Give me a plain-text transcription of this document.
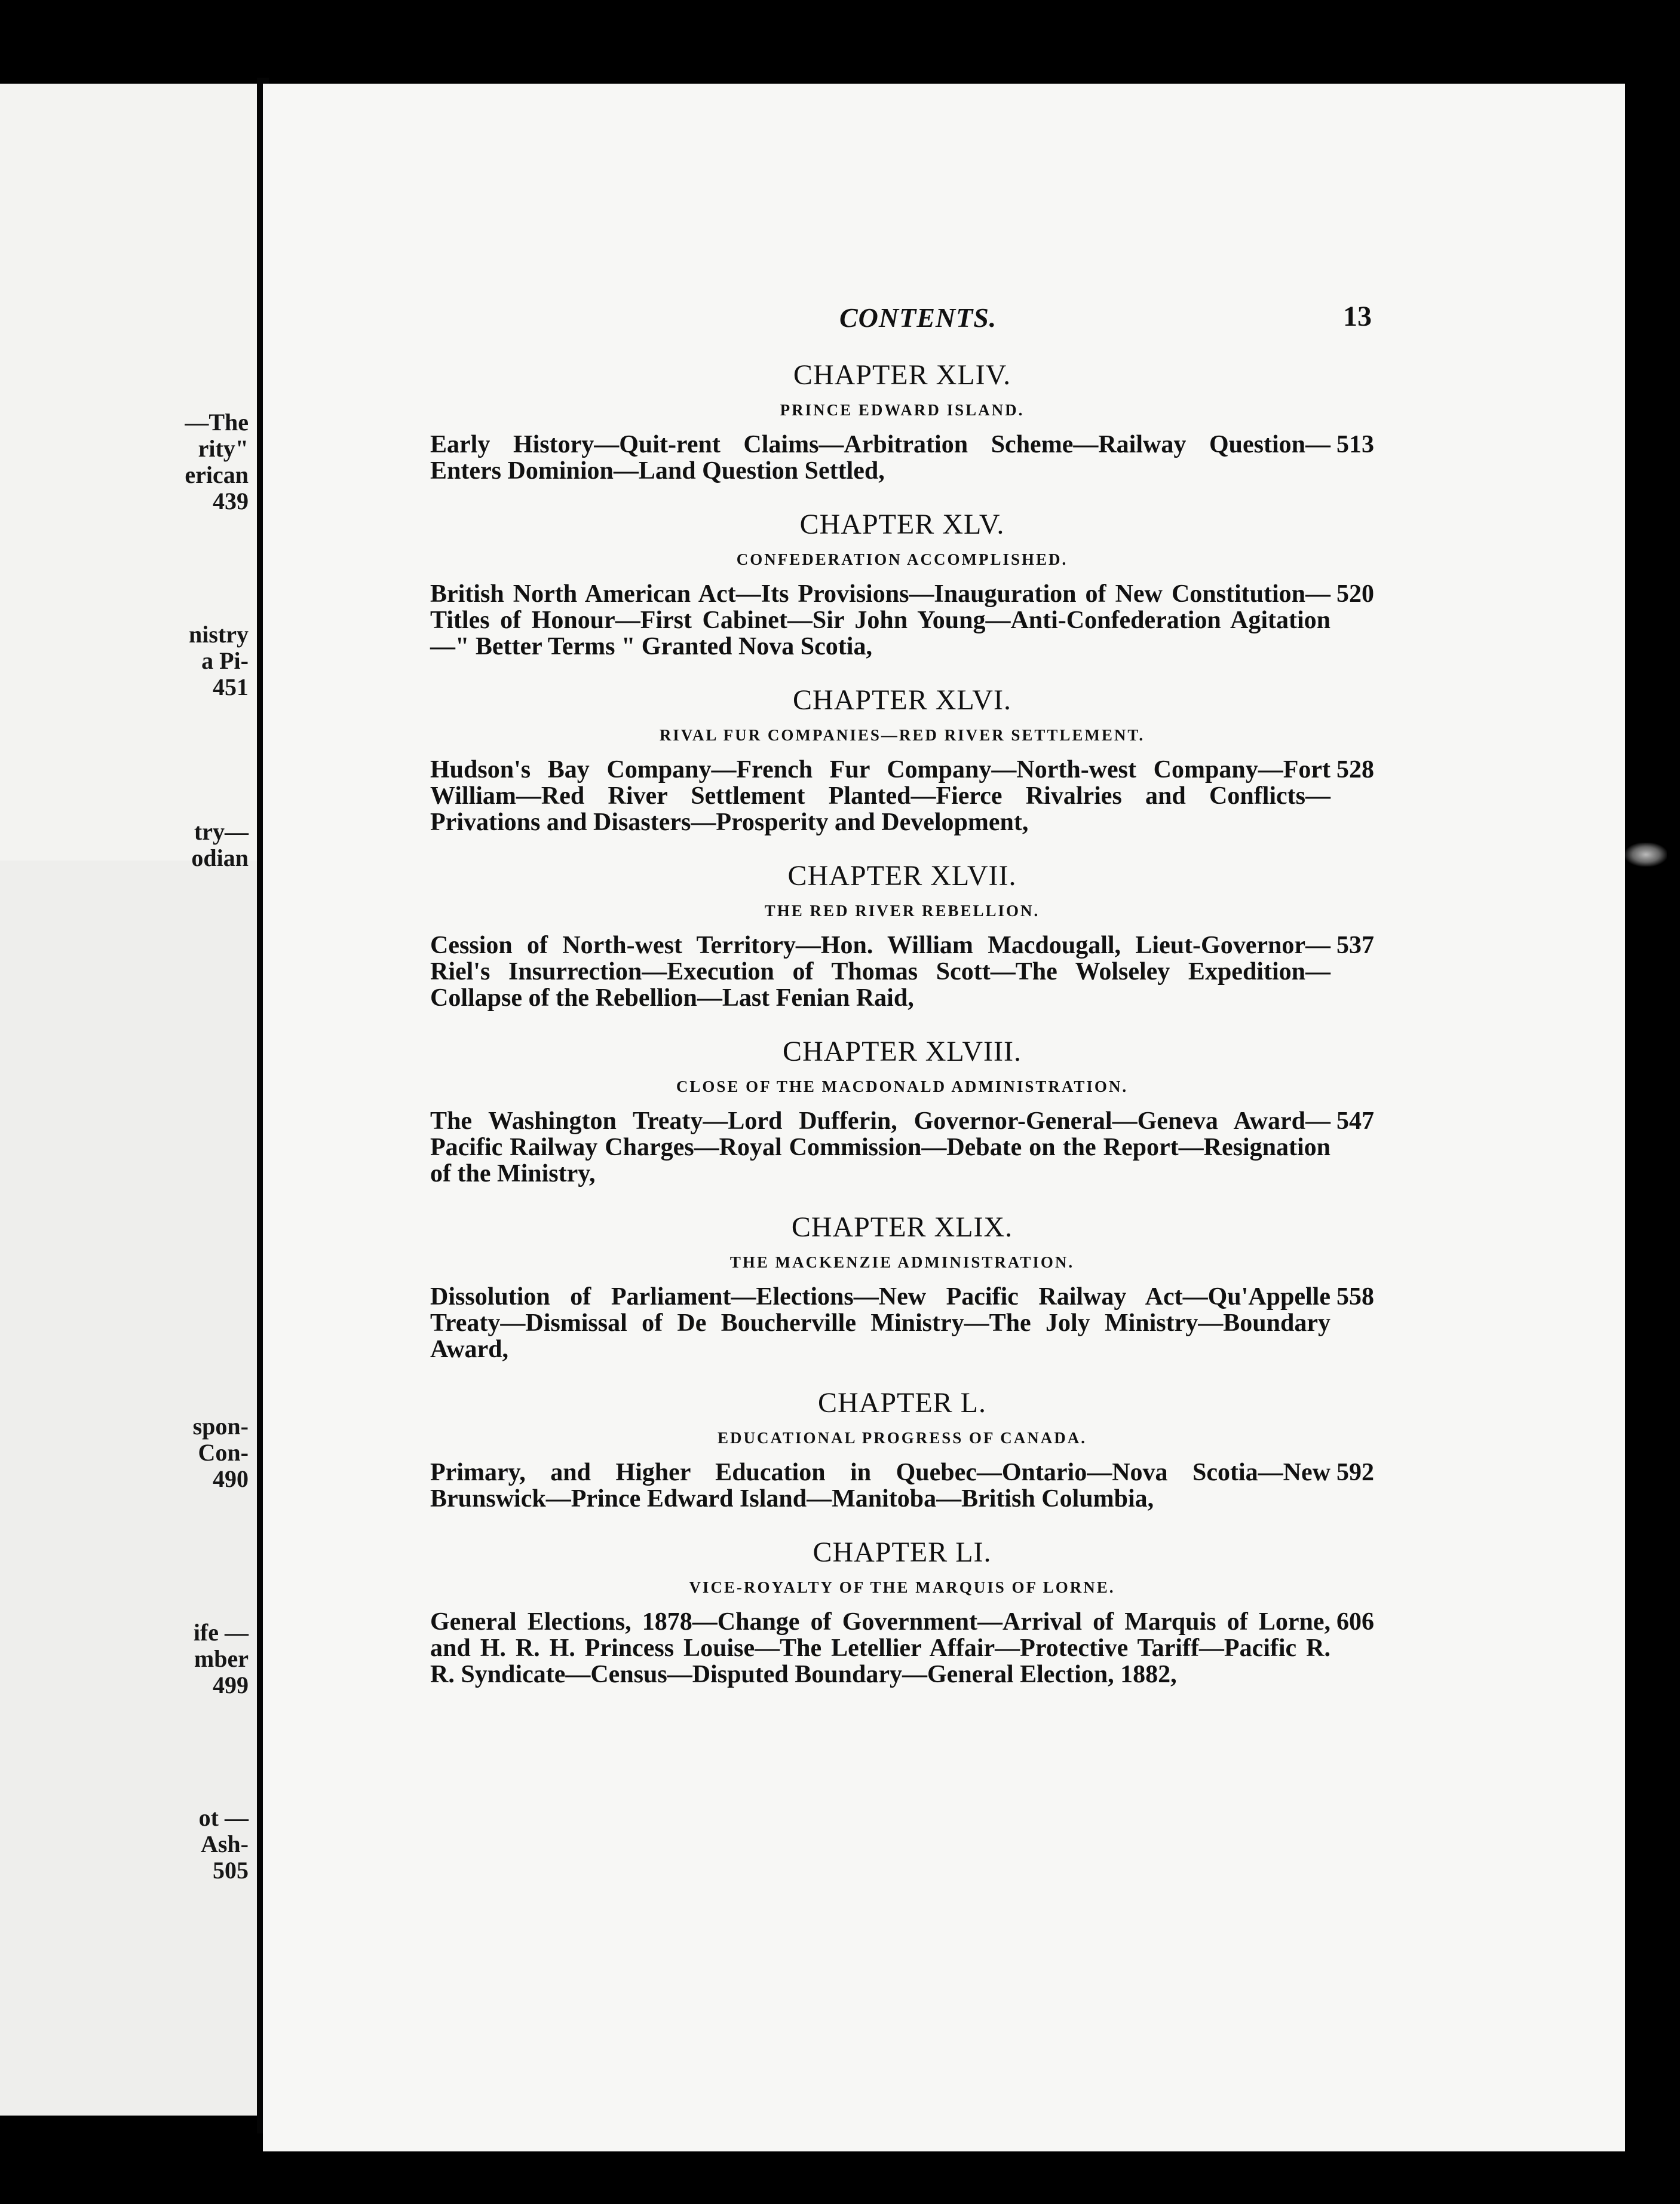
—The
rity"
erican
439
nistry
a Pi-
451
try—
odian
spon-
Con-
490
ife —
mber
499
ot —
Ash-
505
CONTENTS.	13
CHAPTER XLIV.
PRINCE EDWARD ISLAND.
Early History—Quit-rent Claims—Arbitration Scheme—Railway Question—Enters Dominion—Land Question Settled,
513
CHAPTER XLV.
CONFEDERATION ACCOMPLISHED.
British North American Act—Its Provisions—Inauguration of New Constitution—Titles of Honour—First Cabinet—Sir John Young—Anti-Confederation Agitation—" Better Terms " Granted Nova Scotia,
520
CHAPTER XLVI.
RIVAL FUR COMPANIES—RED RIVER SETTLEMENT.
Hudson's Bay Company—French Fur Company—North-west Company—Fort William—Red River Settlement Planted—Fierce Rivalries and Conflicts—Privations and Disasters—Prosperity and Development,
528
CHAPTER XLVII.
THE RED RIVER REBELLION.
Cession of North-west Territory—Hon. William Macdougall, Lieut-Governor—Riel's Insurrection—Execution of Thomas Scott—The Wolseley Expedition—Collapse of the Rebellion—Last Fenian Raid,
537
CHAPTER XLVIII.
CLOSE OF THE MACDONALD ADMINISTRATION.
The Washington Treaty—Lord Dufferin, Governor-General—Geneva Award—Pacific Railway Charges—Royal Commission—Debate on the Report—Resignation of the Ministry,
547
CHAPTER XLIX.
THE MACKENZIE ADMINISTRATION.
Dissolution of Parliament—Elections—New Pacific Railway Act—Qu'Appelle Treaty—Dismissal of De Boucherville Ministry—The Joly Ministry—Boundary Award,
558
CHAPTER L.
EDUCATIONAL PROGRESS OF CANADA.
Primary, and Higher Education in Quebec—Ontario—Nova Scotia—New Brunswick—Prince Edward Island—Manitoba—British Columbia,
592
CHAPTER LI.
VICE-ROYALTY OF THE MARQUIS OF LORNE.
General Elections, 1878—Change of Government—Arrival of Marquis of Lorne, and H. R. H. Princess Louise—The Letellier Affair—Protective Tariff—Pacific R. R. Syndicate—Census—Disputed Boundary—General Election, 1882,
606
